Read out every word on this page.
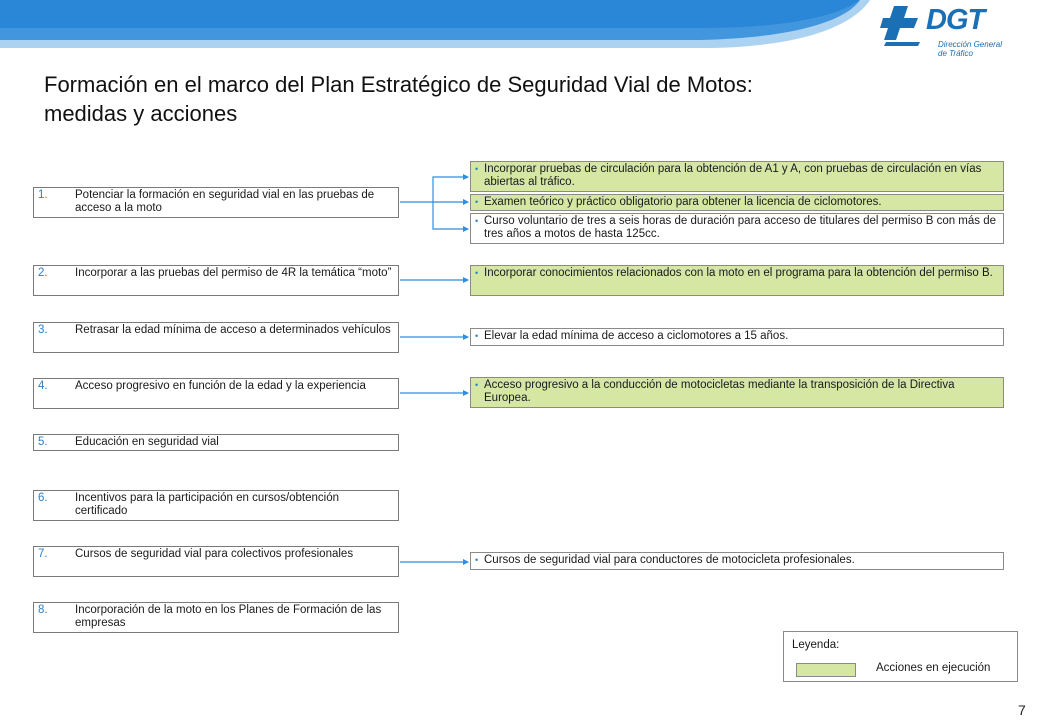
DGT
Dirección General
de Tráfico
Formación en el marco del Plan Estratégico de Seguridad Vial de Motos:
medidas y acciones
1. Potenciar la formación en seguridad vial en las pruebas de acceso a la moto
2. Incorporar a las pruebas del permiso de 4R la temática “moto”
3. Retrasar la edad mínima de acceso a determinados vehículos
4. Acceso progresivo en función de la edad y la experiencia
5. Educación en seguridad vial
6. Incentivos para la participación en cursos/obtención certificado
7. Cursos de seguridad vial para colectivos profesionales
8. Incorporación de la moto en los Planes de Formación de las empresas
• Incorporar pruebas de circulación para la obtención de A1 y A, con pruebas de circulación en vías abiertas al tráfico.
• Examen teórico y práctico obligatorio para obtener la licencia de ciclomotores.
• Curso voluntario de tres a seis horas de duración para acceso de titulares del permiso B con más de tres años a motos de hasta 125cc.
• Incorporar conocimientos relacionados con la moto en el programa para la obtención del permiso B.
• Elevar la edad mínima de acceso a ciclomotores a 15 años.
• Acceso progresivo a la conducción de motocicletas mediante la transposición de la Directiva Europea.
• Cursos de seguridad vial para conductores de motocicleta profesionales.
Leyenda:
Acciones en ejecución
7
